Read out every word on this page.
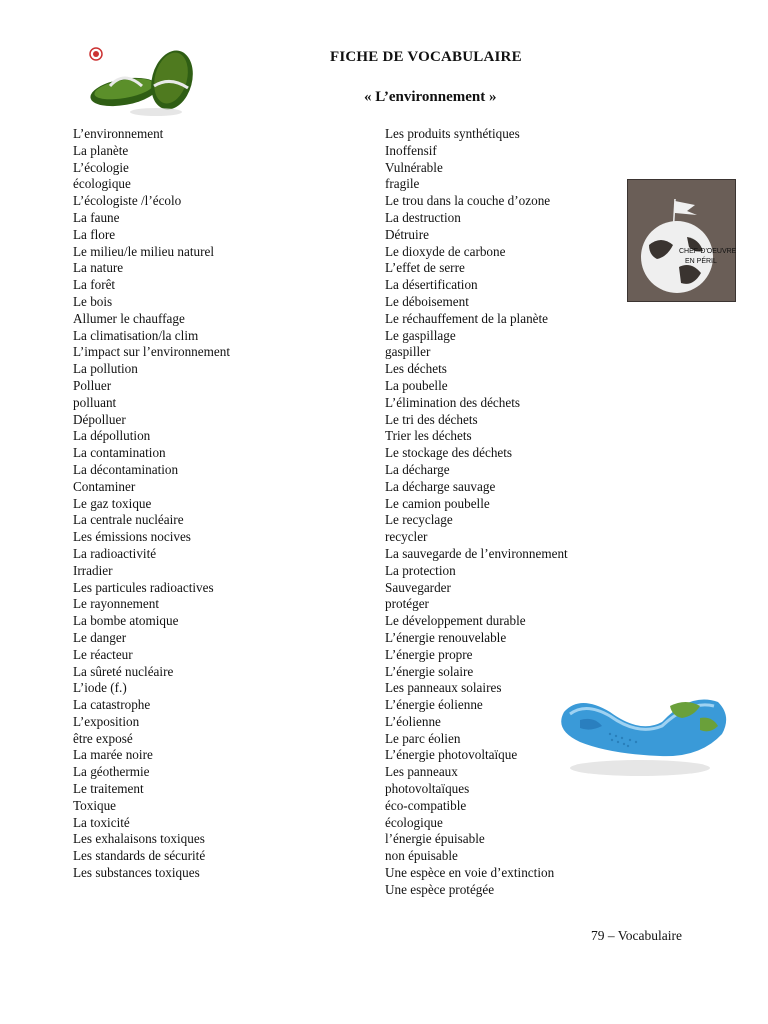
FICHE DE VOCABULAIRE
« L’environnement »
CHEF-D'OEUVRE
EN PÉRIL
L’environnement
La planète
L’écologie
écologique
L’écologiste /l’écolo
La faune
La flore
Le milieu/le milieu naturel
La nature
La forêt
Le bois
Allumer le chauffage
La climatisation/la clim
L’impact sur l’environnement
La pollution
Polluer
polluant
Dépolluer
La dépollution
La contamination
La décontamination
Contaminer
Le gaz toxique
La centrale nucléaire
Les émissions nocives
La radioactivité
Irradier
Les particules radioactives
Le rayonnement
La bombe atomique
Le danger
Le réacteur
La sûreté nucléaire
L’iode (f.)
La catastrophe
L’exposition
être exposé
La marée noire
La géothermie
Le traitement
Toxique
La toxicité
Les exhalaisons toxiques
Les standards de sécurité
Les substances toxiques
Les produits synthétiques
Inoffensif
Vulnérable
fragile
Le trou dans la couche d’ozone
La destruction
Détruire
Le dioxyde de carbone
L’effet de serre
La désertification
Le déboisement
Le réchauffement de la planète
Le gaspillage
gaspiller
Les déchets
La poubelle
L’élimination des déchets
Le tri des déchets
Trier les déchets
Le stockage des déchets
La décharge
La décharge sauvage
Le camion poubelle
Le recyclage
recycler
La sauvegarde de l’environnement
La protection
Sauvegarder
protéger
Le développement durable
L’énergie renouvelable
L’énergie propre
L’énergie solaire
Les panneaux solaires
L’énergie éolienne
L’éolienne
Le parc éolien
L’énergie photovoltaïque
Les panneaux
photovoltaïques
éco-compatible
écologique
l’énergie épuisable
non épuisable
Une espèce en voie d’extinction
Une espèce protégée
79 – Vocabulaire
